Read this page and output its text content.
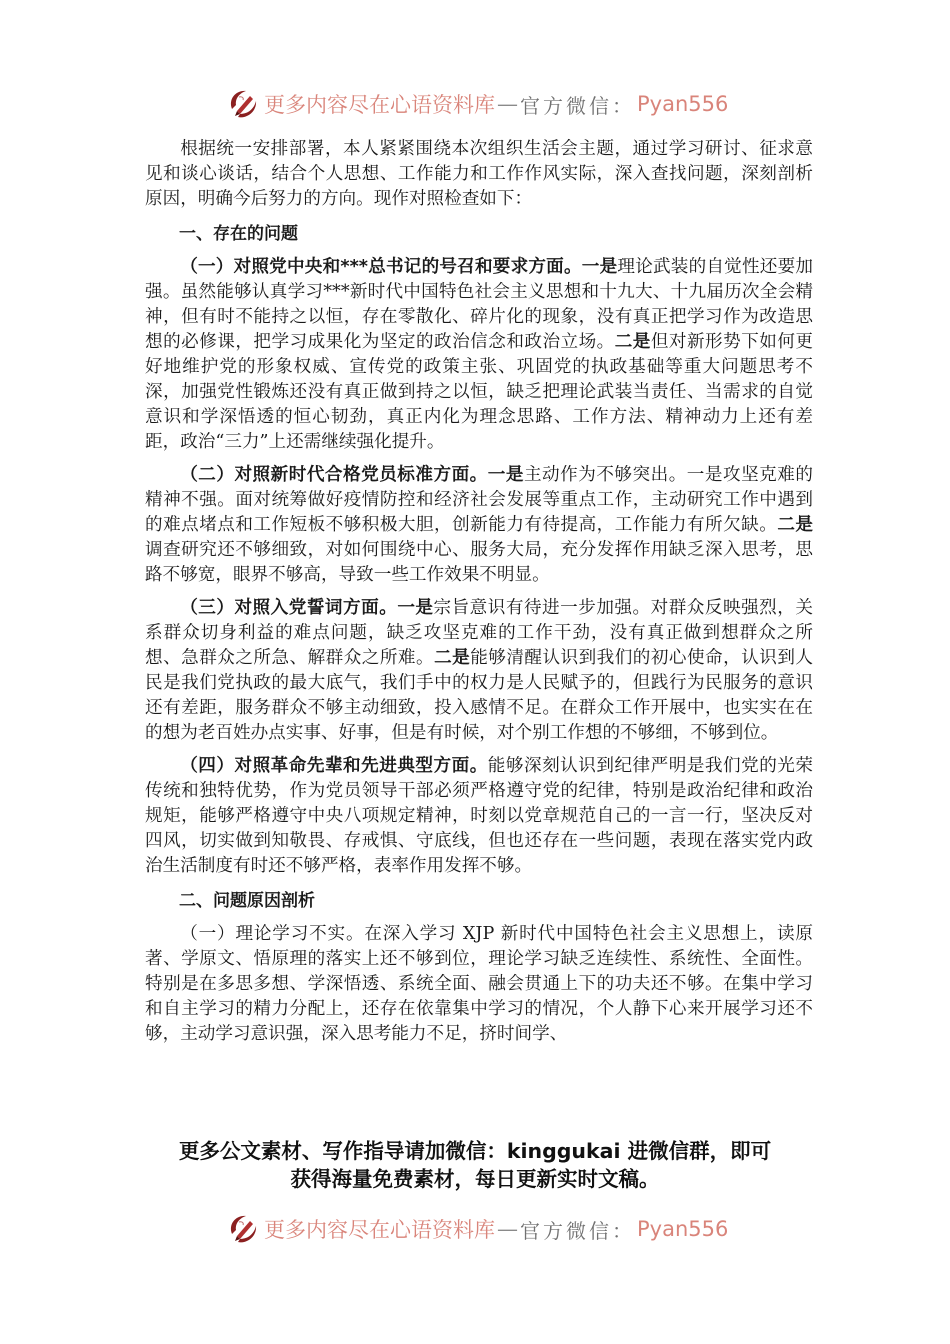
更多内容尽在心语资料库 — 官方微信： Pyan556

根据统一安排部署，本人紧紧围绕本次组织生活会主题，通过学习研讨、征求意见和谈心谈话，结合个人思想、工作能力和工作作风实际，深入查找问题，深刻剖析原因，明确今后努力的方向。现作对照检查如下：

一、存在的问题

（一）对照党中央和***总书记的号召和要求方面。一是理论武装的自觉性还要加强。虽然能够认真学习***新时代中国特色社会主义思想和十九大、十九届历次全会精神，但有时不能持之以恒，存在零散化、碎片化的现象，没有真正把学习作为改造思想的必修课，把学习成果化为坚定的政治信念和政治立场。二是但对新形势下如何更好地维护党的形象权威、宣传党的政策主张、巩固党的执政基础等重大问题思考不深，加强党性锻炼还没有真正做到持之以恒，缺乏把理论武装当责任、当需求的自觉意识和学深悟透的恒心韧劲，真正内化为理念思路、工作方法、精神动力上还有差距，政治“三力”上还需继续强化提升。

（二）对照新时代合格党员标准方面。一是主动作为不够突出。一是攻坚克难的精神不强。面对统筹做好疫情防控和经济社会发展等重点工作，主动研究工作中遇到的难点堵点和工作短板不够积极大胆，创新能力有待提高，工作能力有所欠缺。二是调查研究还不够细致，对如何围绕中心、服务大局，充分发挥作用缺乏深入思考，思路不够宽，眼界不够高，导致一些工作效果不明显。

（三）对照入党誓词方面。一是宗旨意识有待进一步加强。对群众反映强烈，关系群众切身利益的难点问题，缺乏攻坚克难的工作干劲，没有真正做到想群众之所想、急群众之所急、解群众之所难。二是能够清醒认识到我们的初心使命，认识到人民是我们党执政的最大底气，我们手中的权力是人民赋予的，但践行为民服务的意识还有差距，服务群众不够主动细致，投入感情不足。在群众工作开展中，也实实在在的想为老百姓办点实事、好事，但是有时候，对个别工作想的不够细，不够到位。

（四）对照革命先辈和先进典型方面。能够深刻认识到纪律严明是我们党的光荣传统和独特优势，作为党员领导干部必须严格遵守党的纪律，特别是政治纪律和政治规矩，能够严格遵守中央八项规定精神，时刻以党章规范自己的一言一行，坚决反对四风，切实做到知敬畏、存戒惧、守底线，但也还存在一些问题，表现在落实党内政治生活制度有时还不够严格，表率作用发挥不够。

二、问题原因剖析

（一）理论学习不实。在深入学习 XJP 新时代中国特色社会主义思想上，读原著、学原文、悟原理的落实上还不够到位，理论学习缺乏连续性、系统性、全面性。特别是在多思多想、学深悟透、系统全面、融会贯通上下的功夫还不够。在集中学习和自主学习的精力分配上，还存在依靠集中学习的情况，个人静下心来开展学习还不够，主动学习意识强，深入思考能力不足，挤时间学、

更多公文素材、写作指导请加微信：kinggukai 进微信群，即可
获得海量免费素材，每日更新实时文稿。
更多内容尽在心语资料库 — 官方微信： Pyan556
